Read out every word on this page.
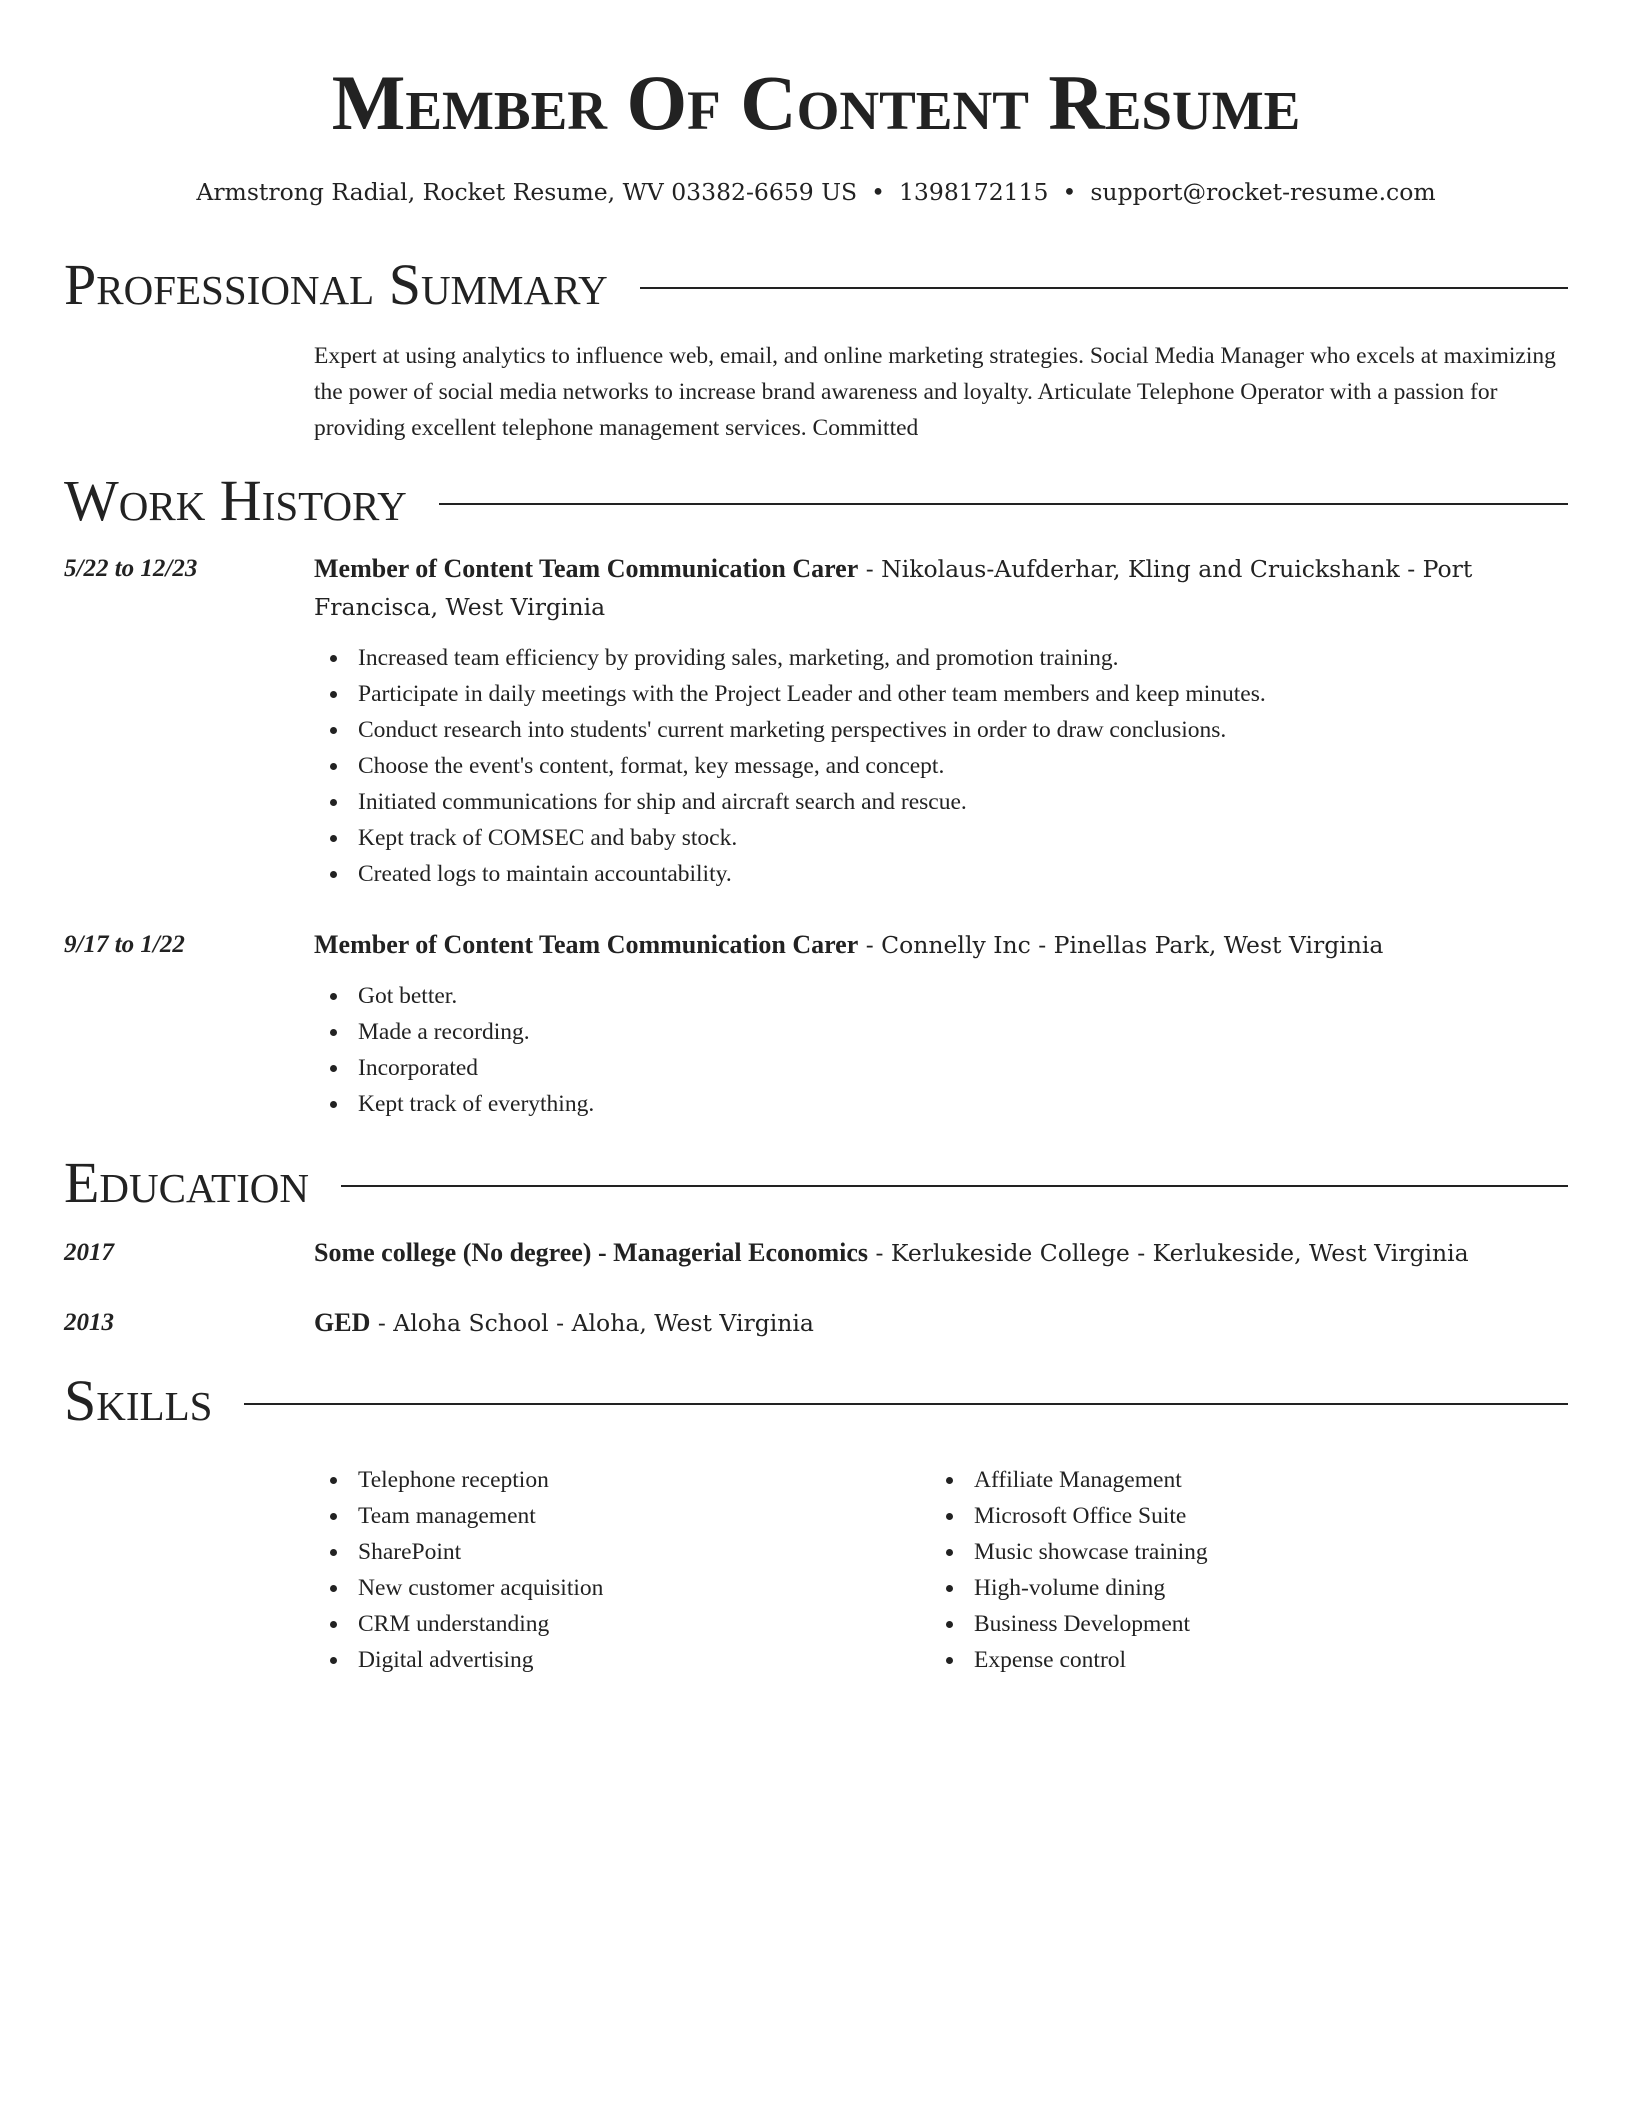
Member Of Content Resume
Armstrong Radial, Rocket Resume, WV 03382-6659 US • 1398172115 • support@rocket-resume.com
Professional Summary

Expert at using analytics to influence web, email, and online marketing strategies. Social Media Manager who excels at maximizing the power of social media networks to increase brand awareness and loyalty. Articulate Telephone Operator with a passion for providing excellent telephone management services. Committed

Work History
5/22 to 12/23	Member of Content Team Communication Carer - Nikolaus-Aufderhar, Kling and Cruickshank - Port Francisca, West Virginia
Increased team efficiency by providing sales, marketing, and promotion training.
Participate in daily meetings with the Project Leader and other team members and keep minutes.
Conduct research into students' current marketing perspectives in order to draw conclusions.
Choose the event's content, format, key message, and concept.
Initiated communications for ship and aircraft search and rescue.
Kept track of COMSEC and baby stock.
Created logs to maintain accountability.
9/17 to 1/22	Member of Content Team Communication Carer - Connelly Inc - Pinellas Park, West Virginia
Got better.
Made a recording.
Incorporated
Kept track of everything.
Education
2017	Some college (No degree) - Managerial Economics - Kerlukeside College - Kerlukeside, West Virginia
2013	GED - Aloha School - Aloha, West Virginia
Skills
Telephone reception
Team management
SharePoint
New customer acquisition
CRM understanding
Digital advertising
Affiliate Management
Microsoft Office Suite
Music showcase training
High-volume dining
Business Development
Expense control
